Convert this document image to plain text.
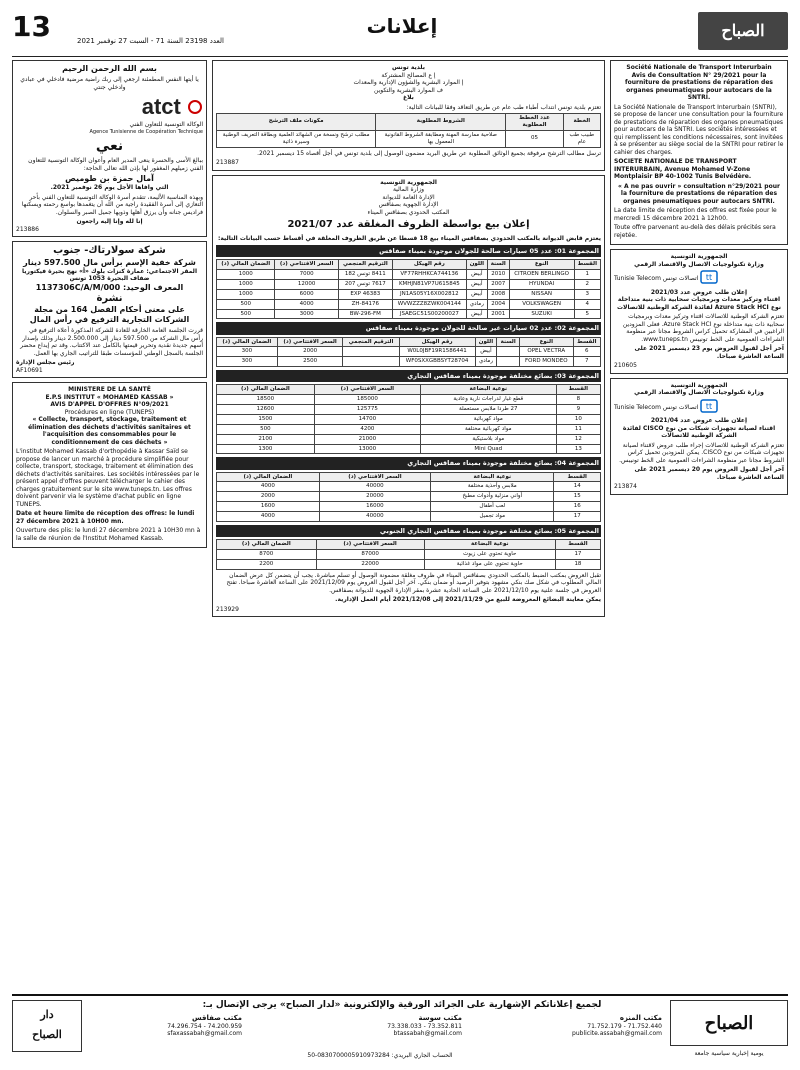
13	العدد 23198 السنة 71 - السبت 27 نوفمبر 2021
إعلانات	الصباح
بسم الله الرحمن الرحيم
يا أيتها النفس المطمئنة ارجعي إلى ربك راضية مرضية فادخلي في عبادي وادخلي جنتي
atct
الوكالة التونسية للتعاون الفني
Agence Tunisienne de Coopération Technique
نعي
ببالغ الأسى والحسرة ينعى المدير العام وأعوان الوكالة التونسية للتعاون الفني زميلهم المغفور لها بإذن الله تعالى الحاجة:
آمال حمزة بن طوميص
التي وافاها الأجل يوم 26 نوفمبر 2021.
وبهذه المناسبة الأليمة، تتقدم أسرة الوكالة التونسية للتعاون الفني بأحر التعازي إلى أسرة الفقيدة راجية من الله أن يتغمدها بواسع رحمته ويسكنها فراديس جنانه وأن يرزق أهلها وذويها جميل الصبر والسلوان.
إنا لله وإنا إليه راجعون
213886
شركة سولارتاك- جنوب
شركة خفية الإسم برأس مال 597.500 دينار
المقر الاجتماعي: عمارة كنزات بلوك «أ» نهج بحيرة فيكتوريا ضفاف البحيرة 1053 تونس
المعرف الوحيد: 1137306C/A/M/000
نشرة
على معنى أحكام الفصل 164 من مجلة الشركات التجارية الترفيع في رأس المال
قررت الجلسة العامة الخارقة للعادة للشركة المذكورة أعلاه الترفيع في رأس مال الشركة من 597.500 دينار إلى 2.500.000 دينار وذلك بإصدار أسهم جديدة نقدية وتحرير قيمتها بالكامل عند الاكتتاب. وقد تم إيداع محضر الجلسة بالسجل الوطني للمؤسسات طبقا للتراتيب الجاري بها العمل.
رئيس مجلس الإدارة
AF10691
MINISTERE DE LA SANTÉ
E.P.S INSTITUT « MOHAMED KASSAB »
AVIS D'APPEL D'OFFRES N°09/2021
Procédures en ligne (TUNEPS)
« Collecte, transport, stockage, traitement et élimination des déchets d'activités sanitaires et l'acquisition des consommables pour le conditionnement de ces déchets »
L'institut Mohamed Kassab d'orthopédie à Kassar Saïd se propose de lancer un marché à procédure simplifiée pour collecte, transport, stockage, traitement et élimination des déchets d'activités sanitaires. Les sociétés intéressées par le présent appel d'offres peuvent télécharger le cahier des charges gratuitement sur le site www.tuneps.tn. Les offres doivent parvenir via le système d'achat public en ligne TUNEPS.
Date et heure limite de réception des offres: le lundi 27 décembre 2021 à 10H00 mn.
Ouverture des plis: le lundi 27 décembre 2021 à 10H30 mn à la salle de réunion de l'Institut Mohamed Kassab.
بلدية تونس
إ ع المصالح المشتركة
إ الموارد البشرية والشؤون الإدارية والمعدات
ف الموارد البشرية والتكوين
بلاغ
تعتزم بلدية تونس انتداب أطباء طب عام عن طريق التعاقد وفقا للبيانات التالية:
الخطة	عدد الخطط المطلوبة	الشروط المطلوبة	مكونات ملف الترشح
طبيب طب عام	05	صلاحية ممارسة المهنة ومطابقة الشروط القانونية المعمول بها	مطلب ترشح ونسخة من الشهائد العلمية وبطاقة التعريف الوطنية وسيرة ذاتية
ترسل مطالب الترشح مرفوقة بجميع الوثائق المطلوبة عن طريق البريد مضمون الوصول إلى بلدية تونس في أجل أقصاه 15 ديسمبر 2021.
213887
الجمهورية التونسية
وزارة المالية
الإدارة العامة للديوانة
الإدارة الجهوية بصفاقس
المكتب الحدودي بصفاقس الميناء
إعلان بيع بواسطة الظروف المغلقة عدد 2021/07
يعتزم قابض الديوانة بالمكتب الحدودي بصفاقس الميناء بيع 18 قسطا عن طريق الظروف المغلقة في أقساط حسب البيانات التالية:
المجموعة 01: عدد 05 سيارات صالحة للجولان موجودة بميناء صفاقس
القسط	النوع	السنة	اللون	رقم الهيكل	الترقيم المنجمي	السعر الافتتاحي (د)	الضمان المالي (د)
1	CITROEN BERLINGO	2010	أبيض	VF77RHHKCA744136	8411 تونس 182	7000	1000
2	HYUNDAI	2007	أبيض	KMHJN81VP7U615845	7617 تونس 207	12000	1000
3	NISSAN	2008	أبيض	JN1AS05Y16X002812	EXP 46383	6000	1000
4	VOLKSWAGEN	2004	رمادي	WVWZZZ8ZWK004144	ZH-84176	4000	500
5	SUZUKI	2001	أبيض	JSAEGC51S00200027	BW-296-FM	3000	500
المجموعة 02: عدد 02 سيارات غير صالحة للجولان موجودة بميناء صفاقس
القسط	النوع	السنة	اللون	رقم الهيكل	الترقيم المنجمي	السعر الافتتاحي (د)	الضمان المالي (د)
6	OPEL VECTRA		أبيض	W0L0JBF19R1586441		2000	300
7	FORD MONDEO		رمادي	WF0SXXGBBSYT28704		2500	300
المجموعة 03: بضائع مختلفة موجودة بميناء صفاقس التجاري
القسط	نوعية البضاعة	السعر الافتتاحي (د)	الضمان المالي (د)
8	قطع غيار لدراجات نارية وعادية	185000	18500
9	27 طردا ملابس مستعملة	125775	12600
10	مواد كهربائية	14700	1500
11	مواد كهربائية مختلفة	4200	500
12	مواد بلاستيكية	21000	2100
13	Mini Quad	13000	1300
المجموعة 04: بضائع مختلفة موجودة بميناء صفاقس التجاري
القسط	نوعية البضاعة	السعر الافتتاحي (د)	الضمان المالي (د)
14	ملابس وأحذية مختلفة	40000	4000
15	أواني منزلية وأدوات مطبخ	20000	2000
16	لعب أطفال	16000	1600
17	مواد تجميل	40000	4000
المجموعة 05: بضائع مختلفة موجودة بميناء صفاقس التجاري الجنوبي
القسط	نوعية البضاعة	السعر الافتتاحي (د)	الضمان المالي (د)
17	حاوية تحتوي على زيوت	87000	8700
18	حاوية تحتوي على مواد غذائية	22000	2200
تقبل العروض بمكتب الضبط بالمكتب الحدودي بصفاقس الميناء في ظروف مغلقة مضمونة الوصول أو تسلم مباشرة. يجب أن يتضمن كل عرض الضمان المالي المطلوب في شكل صك بنكي مشهود بتوفير الرصيد أو ضمان بنكي. آخر أجل لقبول العروض يوم 2021/12/09 على الساعة العاشرة صباحا. تفتح العروض في جلسة علنية يوم 2021/12/10 على الساعة الحادية عشرة بمقر الإدارة الجهوية للديوانة بصفاقس.
يمكن معاينة البضائع المعروضة للبيع من 2021/11/29 إلى 2021/12/08 أيام العمل الإدارية.
213929
Société Nationale de Transport Interurbain
Avis de Consultation N° 29/2021 pour la fourniture de prestations de réparation des organes pneumatiques pour autocars de la SNTRI.
La Société Nationale de Transport Interurbain (SNTRI), se propose de lancer une consultation pour la fourniture de prestations de réparation des organes pneumatiques pour autocars de la SNTRI. Les sociétés intéressées et qui remplissent les conditions nécessaires, sont invitées à se présenter au siège social de la SNTRI pour retirer le cahier des charges.
SOCIETE NATIONALE DE TRANSPORT INTERURBAIN, Avenue Mohamed V-Zone Montplaisir BP 40-1002 Tunis Belvédère.
« A ne pas ouvrir » consultation n°29/2021 pour la fourniture de prestations de réparation des organes pneumatiques pour autocars SNTRI.
La date limite de réception des offres est fixée pour le mercredi 15 décembre 2021 à 12h00.
Toute offre parvenant au-delà des délais précités sera rejetée.
الجمهورية التونسية
وزارة تكنولوجيات الاتصال والاقتصاد الرقمي
tt
اتصالات تونس Tunisie Telecom
إعلان طلب عروض عدد 2021/03
اقتناء وتركيز معدات وبرمجيات سحابية ذات بنية متداخلة نوع Azure Stack HCI لفائدة الشركة الوطنية للاتصالات
تعتزم الشركة الوطنية للاتصالات اقتناء وتركيز معدات وبرمجيات سحابية ذات بنية متداخلة نوع Azure Stack HCI. فعلى المزودين الراغبين في المشاركة تحميل كراس الشروط مجانا عبر منظومة الشراءات العمومية على الخط تونيبس www.tuneps.tn.
آخر أجل لقبول العروض يوم 23 ديسمبر 2021 على الساعة العاشرة صباحا.
210605
الجمهورية التونسية
وزارة تكنولوجيات الاتصال والاقتصاد الرقمي
tt
اتصالات تونس Tunisie Telecom
إعلان طلب عروض عدد 2021/04
اقتناء لصيانة تجهيزات شبكات من نوع CISCO لفائدة الشركة الوطنية للاتصالات
تعتزم الشركة الوطنية للاتصالات إجراء طلب عروض لاقتناء لصيانة تجهيزات شبكات من نوع CISCO. يمكن للمزودين تحميل كراس الشروط مجانا عبر منظومة الشراءات العمومية على الخط تونيبس.
آخر أجل لقبول العروض يوم 20 ديسمبر 2021 على الساعة العاشرة صباحا.
213874
دار
الصباح
لجميع إعلاناتكم الإشهارية على الجرائد الورقية والإلكترونية «لدار الصباح» يرجى الإتصال بـ:
مكتب صفاقس
74.200.959 - 74.296.754
sfaxassabah@gmail.com
مكتب سوسة
73.352.811 - 73.338.033
btassabah@gmail.com
مكتب المنزه
71.752.440 - 71.752.179
publicite.assabah@gmail.com	الصباح
الحساب الجاري البريدي: 0830700005910973284-50	يومية إخبارية سياسية جامعة
